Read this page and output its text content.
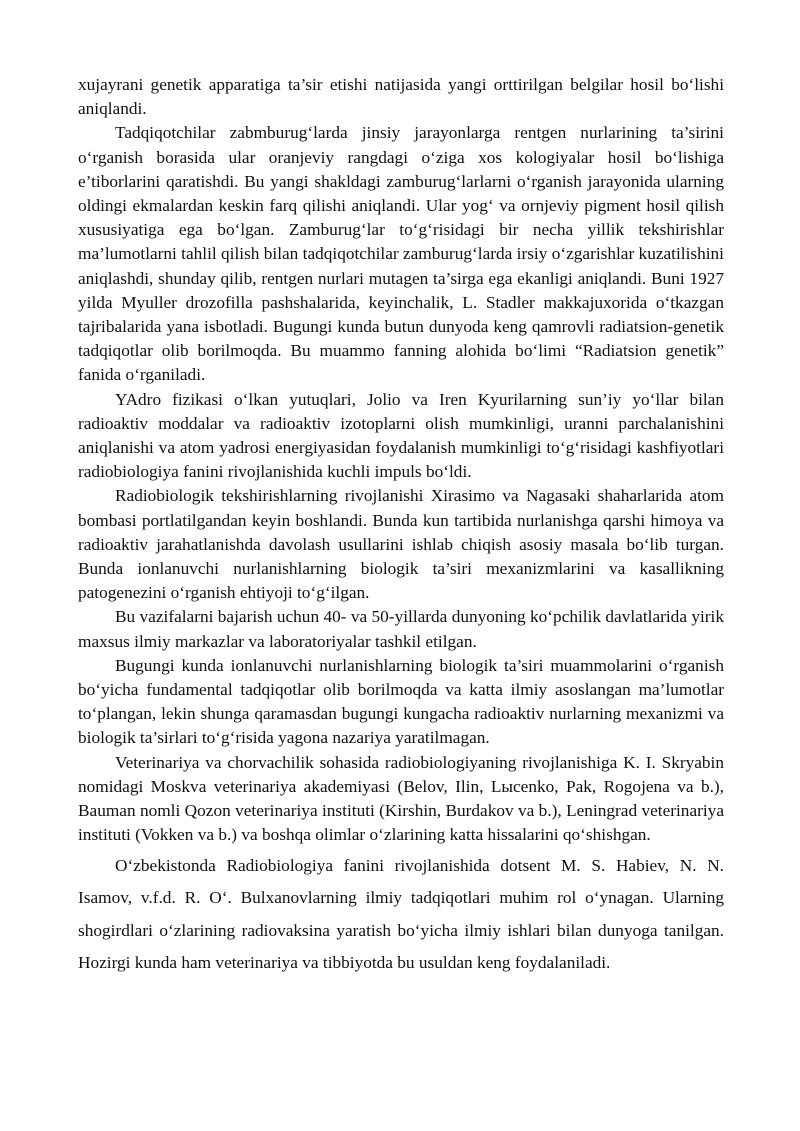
xujayrani genetik apparatiga ta’sir etishi natijasida yangi orttirilgan belgilar hosil bo‘lishi aniqlandi.

Tadqiqotchilar zabmburug‘larda jinsiy jarayonlarga rentgen nurlarining ta’sirini o‘rganish borasida ular oranjeviy rangdagi o‘ziga xos kologiyalar hosil bo‘lishiga e’tiborlarini qaratishdi. Bu yangi shakldagi zamburug‘larlarni o‘rganish jarayonida ularning oldingi ekmalardan keskin farq qilishi aniqlandi. Ular yog‘ va ornjeviy pigment hosil qilish xususiyatiga ega bo‘lgan. Zamburug‘lar to‘g‘risidagi bir necha yillik tekshirishlar ma’lumotlarni tahlil qilish bilan tadqiqotchilar zamburug‘larda irsiy o‘zgarishlar kuzatilishini aniqlashdi, shunday qilib, rentgen nurlari mutagen ta’sirga ega ekanligi aniqlandi. Buni 1927 yilda Myuller drozofilla pashshalarida, keyinchalik, L. Stadler makkajuxorida o‘tkazgan tajribalarida yana isbotladi. Bugungi kunda butun dunyoda keng qamrovli radiatsion-genetik tadqiqotlar olib borilmoqda. Bu muammo fanning alohida bo‘limi “Radiatsion genetik” fanida o‘rganiladi.

YAdro fizikasi o‘lkan yutuqlari, Jolio va Iren Kyurilarning sun’iy yo‘llar bilan radioaktiv moddalar va radioaktiv izotoplarni olish mumkinligi, uranni parchalanishini aniqlanishi va atom yadrosi energiyasidan foydalanish mumkinligi to‘g‘risidagi kashfiyotlari radiobiologiya fanini rivojlanishida kuchli impuls bo‘ldi.

Radiobiologik tekshirishlarning rivojlanishi Xirasimo va Nagasaki shaharlarida atom bombasi portlatilgandan keyin boshlandi. Bunda kun tartibida nurlanishga qarshi himoya va radioaktiv jarahatlanishda davolash usullarini ishlab chiqish asosiy masala bo‘lib turgan. Bunda ionlanuvchi nurlanishlarning biologik ta’siri mexanizmlarini va kasallikning patogenezini o‘rganish ehtiyoji to‘g‘ilgan.

Bu vazifalarni bajarish uchun 40- va 50-yillarda dunyoning ko‘pchilik davlatlarida yirik maxsus ilmiy markazlar va laboratoriyalar tashkil etilgan.

Bugungi kunda ionlanuvchi nurlanishlarning biologik ta’siri muammolarini o‘rganish bo‘yicha fundamental tadqiqotlar olib borilmoqda va katta ilmiy asoslangan ma’lumotlar to‘plangan, lekin shunga qaramasdan bugungi kungacha radioaktiv nurlarning mexanizmi va biologik ta’sirlari to‘g‘risida yagona nazariya yaratilmagan.

Veterinariya va chorvachilik sohasida radiobiologiyaning rivojlanishiga K. I. Skryabin nomidagi Moskva veterinariya akademiyasi (Belov, Ilin, Lысenko, Pak, Rogojena va b.), Bauman nomli Qozon veterinariya instituti (Kirshin, Burdakov va b.), Leningrad veterinariya instituti (Vokken va b.) va boshqa olimlar o‘zlarining katta hissalarini qo‘shishgan.

O‘zbekistonda Radiobiologiya fanini rivojlanishida dotsent M. S. Habiev, N. N. Isamov, v.f.d. R. O‘. Bulxanovlarning ilmiy tadqiqotlari muhim rol o‘ynagan. Ularning shogirdlari o‘zlarining radiovaksina yaratish bo‘yicha ilmiy ishlari bilan dunyoga tanilgan. Hozirgi kunda ham veterinariya va tibbiyotda bu usuldan keng foydalaniladi.
